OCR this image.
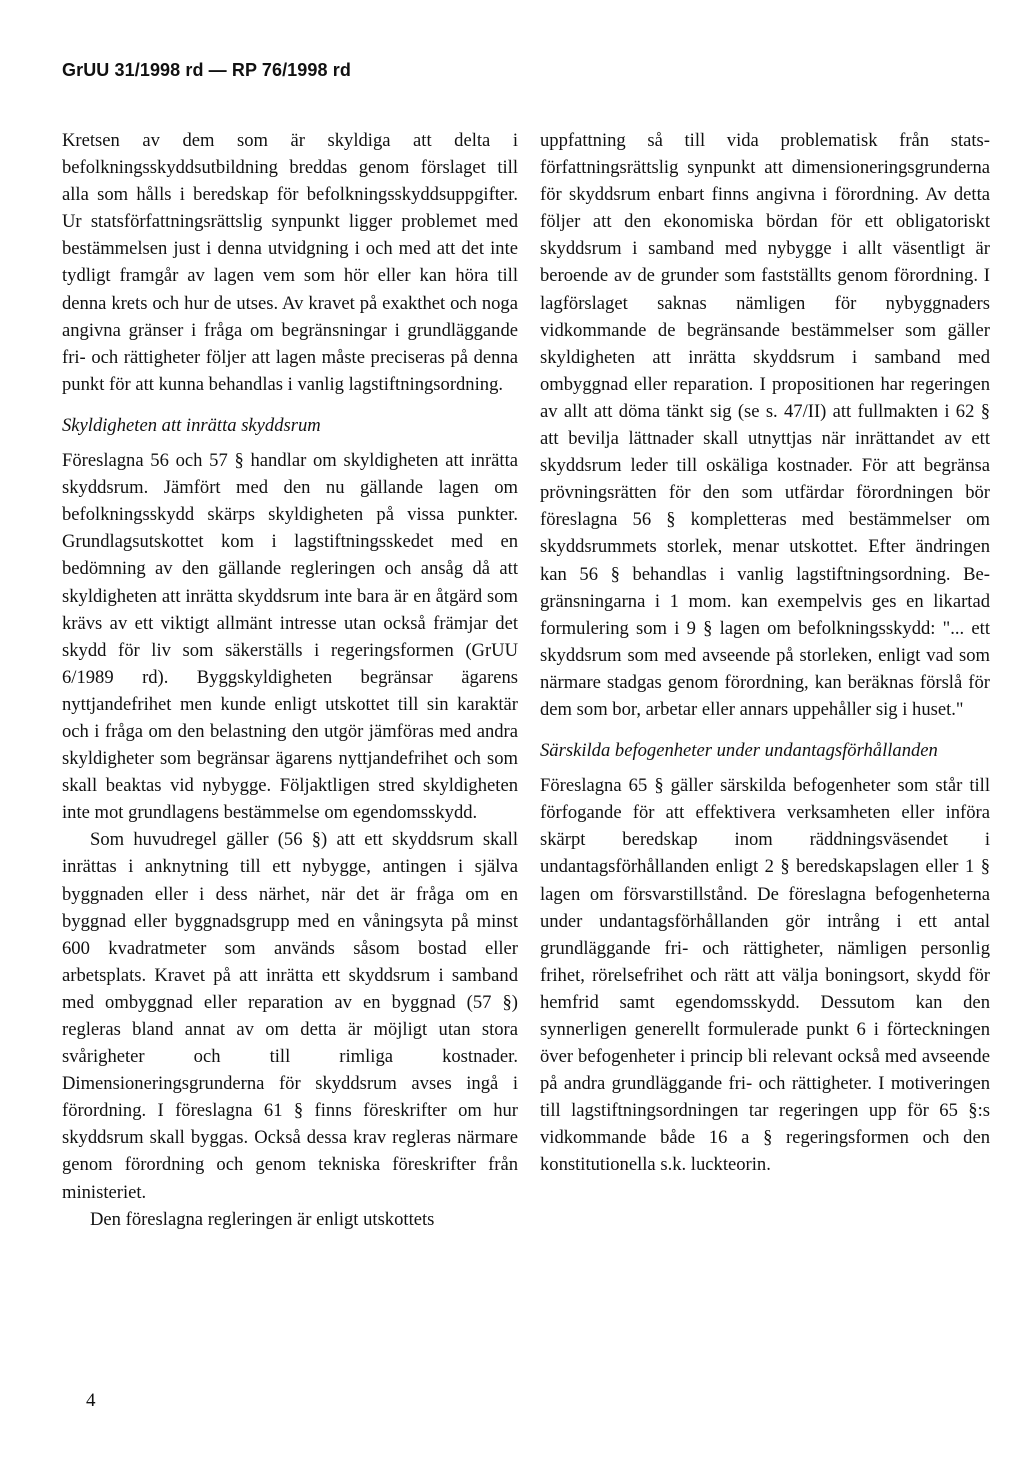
GrUU 31/1998 rd — RP 76/1998 rd

Kretsen av dem som är skyldiga att delta i befolkningsskyddsutbildning breddas genom förslaget till alla som hålls i beredskap för befolkningsskyddsuppgifter. Ur statsförfattningsrättslig synpunkt ligger problemet med bestämmelsen just i denna utvidgning i och med att det inte tydligt framgår av lagen vem som hör eller kan höra till denna krets och hur de utses. Av kravet på exakthet och noga angivna gränser i fråga om begränsningar i grundläggande fri- och rättigheter följer att lagen måste preciseras på denna punkt för att kunna behandlas i vanlig lagstiftningsordning.

Skyldigheten att inrätta skyddsrum

Föreslagna 56 och 57 § handlar om skyldigheten att inrätta skyddsrum. Jämfört med den nu gällande lagen om befolkningsskydd skärps skyldigheten på vissa punkter. Grundlagsutskottet kom i lagstiftningsskedet med en bedömning av den gällande regleringen och ansåg då att skyldigheten att inrätta skyddsrum inte bara är en åtgärd som krävs av ett viktigt allmänt intresse utan också främjar det skydd för liv som säkerställs i regeringsformen (GrUU 6/1989 rd). Byggskyldigheten begränsar ägarens nyttjandefrihet men kunde enligt utskottet till sin karaktär och i fråga om den belastning den utgör jämföras med andra skyldigheter som begränsar ägarens nyttjandefrihet och som skall beaktas vid nybygge. Följaktligen stred skyldigheten inte mot grundlagens bestämmelse om egendomsskydd.

Som huvudregel gäller (56 §) att ett skyddsrum skall inrättas i anknytning till ett nybygge, antingen i själva byggnaden eller i dess närhet, när det är fråga om en byggnad eller byggnadsgrupp med en våningsyta på minst 600 kvadratmeter som används såsom bostad eller arbetsplats. Kravet på att inrätta ett skyddsrum i samband med ombyggnad eller reparation av en byggnad (57 §) regleras bland annat av om detta är möjligt utan stora svårigheter och till rimliga kostnader. Dimensioneringsgrunderna för skyddsrum avses ingå i förordning. I föreslagna 61 § finns föreskrifter om hur skyddsrum skall byggas. Också dessa krav regleras närmare genom förordning och genom tekniska föreskrifter från ministeriet.

Den föreslagna regleringen är enligt utskottets

uppfattning så till vida problematisk från statsförfattningsrättslig synpunkt att dimensioneringsgrunderna för skyddsrum enbart finns angivna i förordning. Av detta följer att den ekonomiska bördan för ett obligatoriskt skyddsrum i samband med nybygge i allt väsentligt är beroende av de grunder som fastställts genom förordning. I lagförslaget saknas nämligen för nybyggnaders vidkommande de begränsande bestämmelser som gäller skyldigheten att inrätta skyddsrum i samband med ombyggnad eller reparation. I propositionen har regeringen av allt att döma tänkt sig (se s. 47/II) att fullmakten i 62 § att bevilja lättnader skall utnyttjas när inrättandet av ett skyddsrum leder till oskäliga kostnader. För att begränsa prövningsrätten för den som utfärdar förordningen bör föreslagna 56 § kompletteras med bestämmelser om skyddsrummets storlek, menar utskottet. Efter ändringen kan 56 § behandlas i vanlig lagstiftningsordning. Begränsningarna i 1 mom. kan exempelvis ges en likartad formulering som i 9 § lagen om befolkningsskydd: "... ett skyddsrum som med avseende på storleken, enligt vad som närmare stadgas genom förordning, kan beräknas förslå för dem som bor, arbetar eller annars uppehåller sig i huset."

Särskilda befogenheter under undantagsförhållanden

Föreslagna 65 § gäller särskilda befogenheter som står till förfogande för att effektivera verksamheten eller införa skärpt beredskap inom räddningsväsendet i undantagsförhållanden enligt 2 § beredskapslagen eller 1 § lagen om försvarstillstånd. De föreslagna befogenheterna under undantagsförhållanden gör intrång i ett antal grundläggande fri- och rättigheter, nämligen personlig frihet, rörelsefrihet och rätt att välja boningsort, skydd för hemfrid samt egendomsskydd. Dessutom kan den synnerligen generellt formulerade punkt 6 i förteckningen över befogenheter i princip bli relevant också med avseende på andra grundläggande fri- och rättigheter. I motiveringen till lagstiftningsordningen tar regeringen upp för 65 §:s vidkommande både 16 a § regeringsformen och den konstitutionella s.k. luckteorin.

4
